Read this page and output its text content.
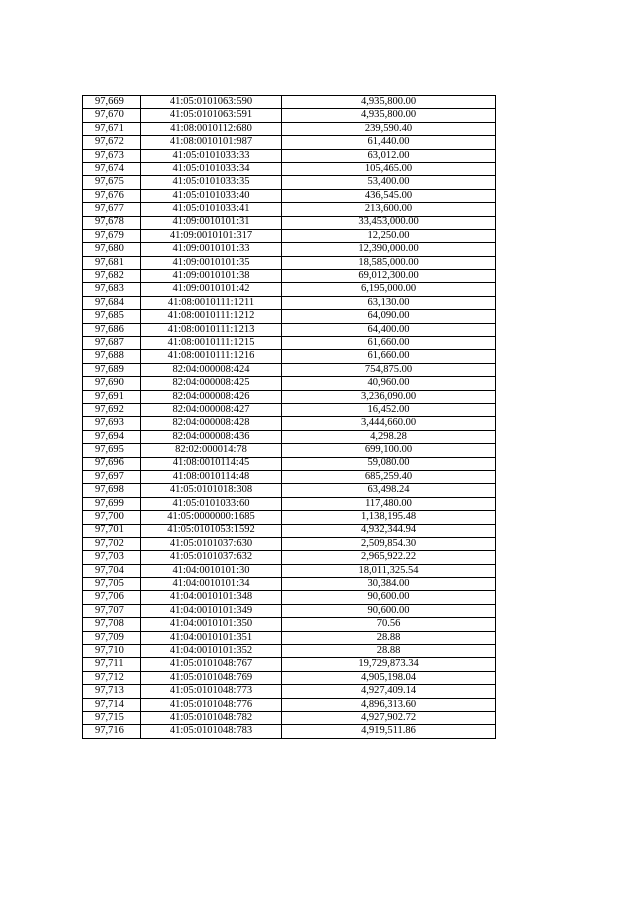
97,669	41:05:0101063:590	4,935,800.00
97,670	41:05:0101063:591	4,935,800.00
97,671	41:08:0010112:680	239,590.40
97,672	41:08:0010101:987	61,440.00
97,673	41:05:0101033:33	63,012.00
97,674	41:05:0101033:34	105,465.00
97,675	41:05:0101033:35	53,400.00
97,676	41:05:0101033:40	436,545.00
97,677	41:05:0101033:41	213,600.00
97,678	41:09:0010101:31	33,453,000.00
97,679	41:09:0010101:317	12,250.00
97,680	41:09:0010101:33	12,390,000.00
97,681	41:09:0010101:35	18,585,000.00
97,682	41:09:0010101:38	69,012,300.00
97,683	41:09:0010101:42	6,195,000.00
97,684	41:08:0010111:1211	63,130.00
97,685	41:08:0010111:1212	64,090.00
97,686	41:08:0010111:1213	64,400.00
97,687	41:08:0010111:1215	61,660.00
97,688	41:08:0010111:1216	61,660.00
97,689	82:04:000008:424	754,875.00
97,690	82:04:000008:425	40,960.00
97,691	82:04:000008:426	3,236,090.00
97,692	82:04:000008:427	16,452.00
97,693	82:04:000008:428	3,444,660.00
97,694	82:04:000008:436	4,298.28
97,695	82:02:000014:78	699,100.00
97,696	41:08:0010114:45	59,080.00
97,697	41:08:0010114:48	685,259.40
97,698	41:05:0101018:308	63,498.24
97,699	41:05:0101033:60	117,480.00
97,700	41:05:0000000:1685	1,138,195.48
97,701	41:05:0101053:1592	4,932,344.94
97,702	41:05:0101037:630	2,509,854.30
97,703	41:05:0101037:632	2,965,922.22
97,704	41:04:0010101:30	18,011,325.54
97,705	41:04:0010101:34	30,384.00
97,706	41:04:0010101:348	90,600.00
97,707	41:04:0010101:349	90,600.00
97,708	41:04:0010101:350	70.56
97,709	41:04:0010101:351	28.88
97,710	41:04:0010101:352	28.88
97,711	41:05:0101048:767	19,729,873.34
97,712	41:05:0101048:769	4,905,198.04
97,713	41:05:0101048:773	4,927,409.14
97,714	41:05:0101048:776	4,896,313.60
97,715	41:05:0101048:782	4,927,902.72
97,716	41:05:0101048:783	4,919,511.86
